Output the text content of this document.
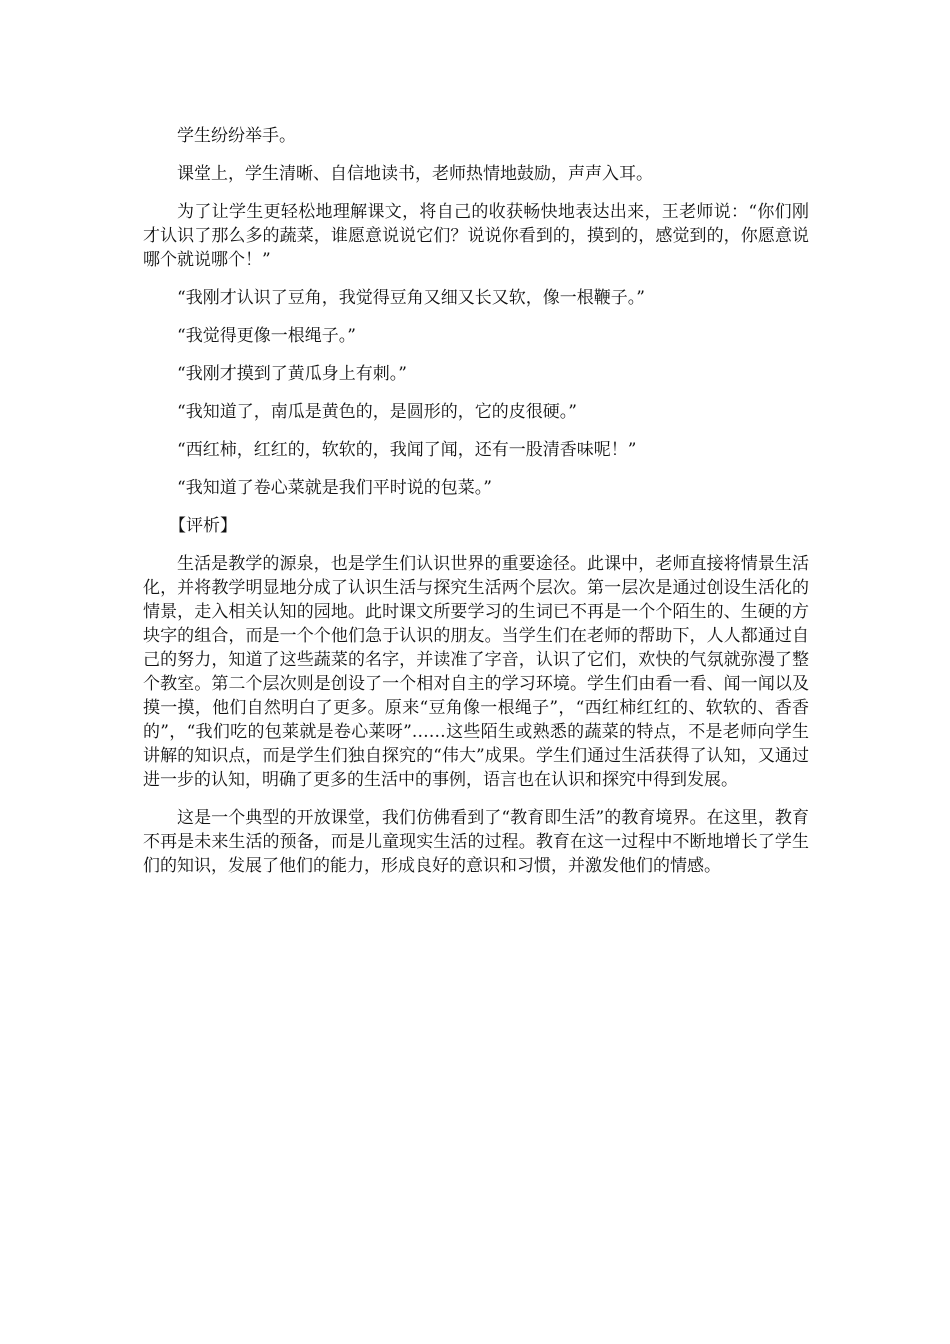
学生纷纷举手。

课堂上，学生清晰、自信地读书，老师热情地鼓励，声声入耳。

为了让学生更轻松地理解课文，将自己的收获畅快地表达出来，王老师说：“你们刚才认识了那么多的蔬菜，谁愿意说说它们？说说你看到的，摸到的，感觉到的，你愿意说哪个就说哪个！”

“我刚才认识了豆角，我觉得豆角又细又长又软，像一根鞭子。”

“我觉得更像一根绳子。”

“我刚才摸到了黄瓜身上有刺。”

“我知道了，南瓜是黄色的，是圆形的，它的皮很硬。”

“西红柿，红红的，软软的，我闻了闻，还有一股清香味呢！”

“我知道了卷心菜就是我们平时说的包菜。”

【评析】

生活是教学的源泉，也是学生们认识世界的重要途径。此课中，老师直接将情景生活化，并将教学明显地分成了认识生活与探究生活两个层次。第一层次是通过创设生活化的情景，走入相关认知的园地。此时课文所要学习的生词已不再是一个个陌生的、生硬的方块字的组合，而是一个个他们急于认识的朋友。当学生们在老师的帮助下，人人都通过自己的努力，知道了这些蔬菜的名字，并读准了字音，认识了它们，欢快的气氛就弥漫了整个教室。第二个层次则是创设了一个相对自主的学习环境。学生们由看一看、闻一闻以及摸一摸，他们自然明白了更多。原来“豆角像一根绳子”，“西红柿红红的、软软的、香香的”，“我们吃的包莱就是卷心莱呀”……这些陌生或熟悉的蔬菜的特点，不是老师向学生讲解的知识点，而是学生们独自探究的“伟大”成果。学生们通过生活获得了认知，又通过进一步的认知，明确了更多的生活中的事例，语言也在认识和探究中得到发展。

这是一个典型的开放课堂，我们仿佛看到了“教育即生活”的教育境界。在这里，教育不再是未来生活的预备，而是儿童现实生活的过程。教育在这一过程中不断地增长了学生们的知识，发展了他们的能力，形成良好的意识和习惯，并激发他们的情感。
